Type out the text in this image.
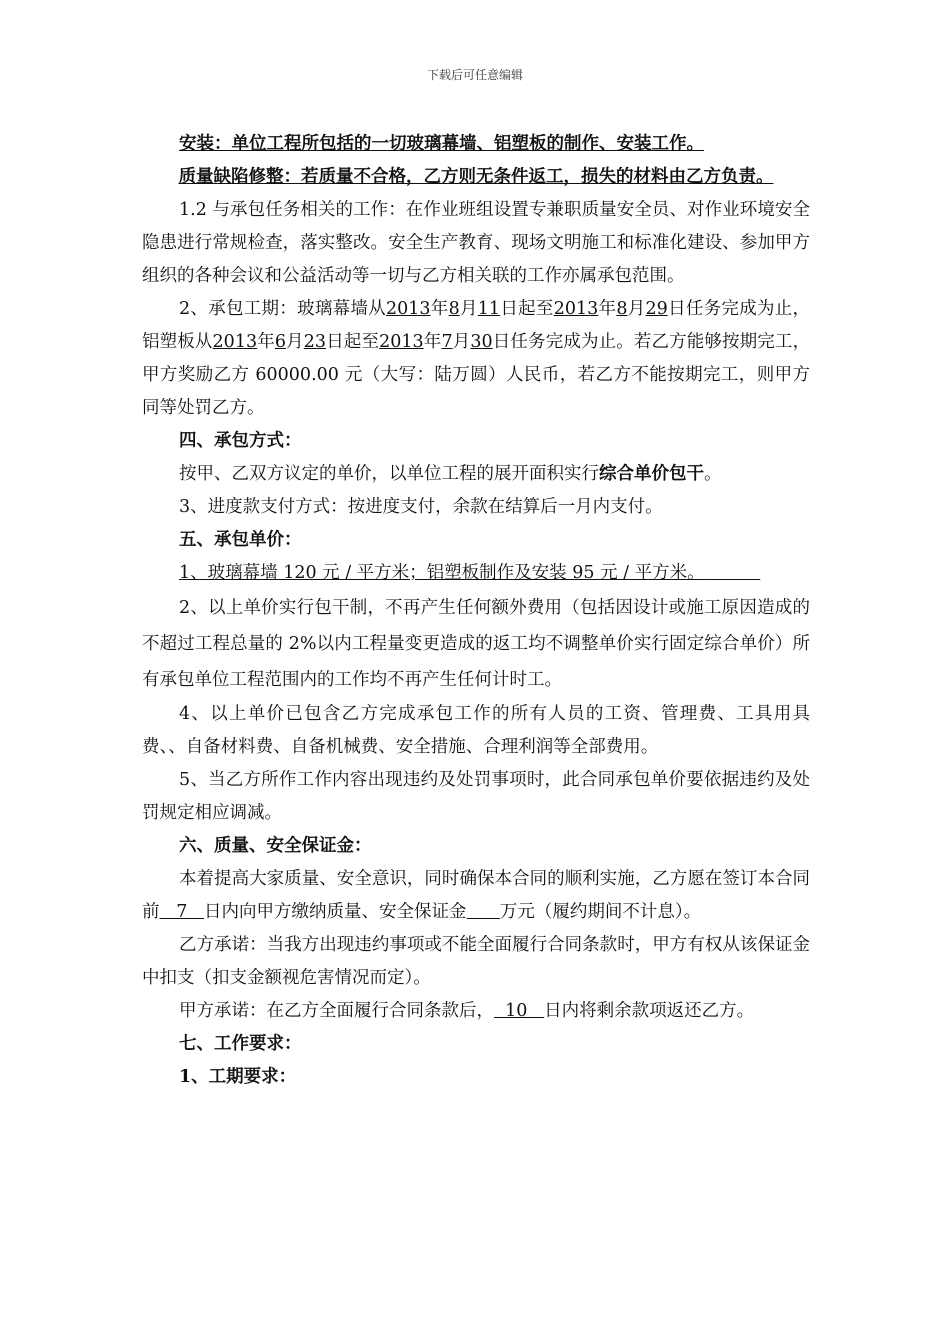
下载后可任意编辑

安装：单位工程所包括的一切玻璃幕墙、铝塑板的制作、安装工作。

质量缺陷修整：若质量不合格，乙方则无条件返工，损失的材料由乙方负责。

1.2 与承包任务相关的工作：在作业班组设置专兼职质量安全员、对作业环境安全隐患进行常规检查，落实整改。安全生产教育、现场文明施工和标准化建设、参加甲方组织的各种会议和公益活动等一切与乙方相关联的工作亦属承包范围。

2、承包工期：玻璃幕墙从2013年8月11日起至2013年8月29日任务完成为止，铝塑板从2013年6月23日起至2013年7月30日任务完成为止。若乙方能够按期完工，甲方奖励乙方 60000.00 元（大写：陆万圆）人民币，若乙方不能按期完工，则甲方同等处罚乙方。

四、承包方式：

按甲、乙双方议定的单价，以单位工程的展开面积实行综合单价包干。

3、进度款支付方式：按进度支付，余款在结算后一月内支付。

五、承包单价：

1、玻璃幕墙 120 元 / 平方米；铝塑板制作及安装 95 元 / 平方米。

2、以上单价实行包干制，不再产生任何额外费用（包括因设计或施工原因造成的不超过工程总量的 2%以内工程量变更造成的返工均不调整单价实行固定综合单价）所有承包单位工程范围内的工作均不再产生任何计时工。

4、以上单价已包含乙方完成承包工作的所有人员的工资、管理费、工具用具费、、自备材料费、自备机械费、安全措施、合理利润等全部费用。

5、当乙方所作工作内容出现违约及处罚事项时，此合同承包单价要依据违约及处罚规定相应调减。

六、质量、安全保证金：

本着提高大家质量、安全意识，同时确保本合同的顺利实施，乙方愿在签订本合同前   7   日内向甲方缴纳质量、安全保证金 万元（履约期间不计息）。

乙方承诺：当我方出现违约事项或不能全面履行合同条款时，甲方有权从该保证金中扣支（扣支金额视危害情况而定）。

甲方承诺：在乙方全面履行合同条款后，  10   日内将剩余款项返还乙方。

七、工作要求：

1、工期要求：
